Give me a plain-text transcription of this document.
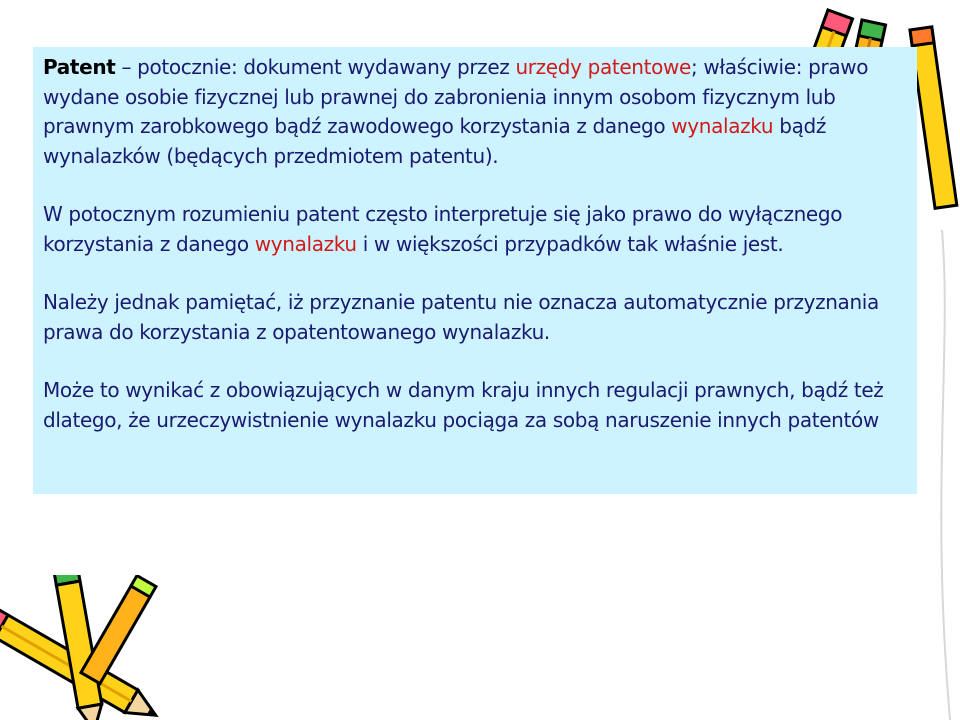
Patent – potocznie: dokument wydawany przez urzędy patentowe; właściwie: prawo wydane osobie fizycznej lub prawnej do zabronienia innym osobom fizycznym lub prawnym zarobkowego bądź zawodowego korzystania z danego wynalazku bądź wynalazków (będących przedmiotem patentu).

W potocznym rozumieniu patent często interpretuje się jako prawo do wyłącznego korzystania z danego wynalazku i w większości przypadków tak właśnie jest.

Należy jednak pamiętać, iż przyznanie patentu nie oznacza automatycznie przyznania prawa do korzystania z opatentowanego wynalazku.

Może to wynikać z obowiązujących w danym kraju innych regulacji prawnych, bądź też dlatego, że urzeczywistnienie wynalazku pociąga za sobą naruszenie innych patentów
